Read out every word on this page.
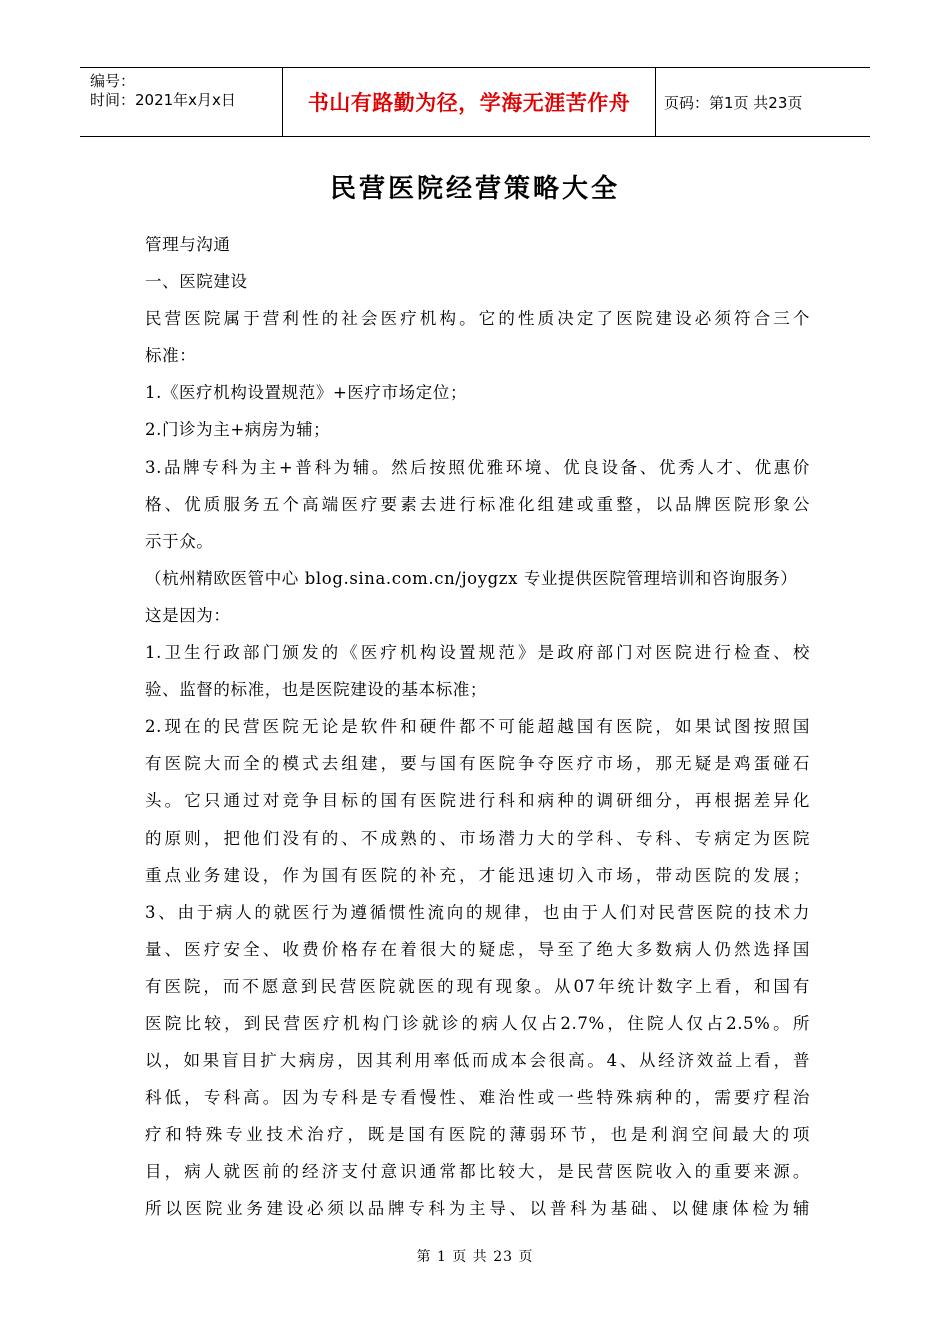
编号：
时间：2021年x月x日	书山有路勤为径，学海无涯苦作舟	页码：第1页 共23页
民营医院经营策略大全
管理与沟通
一、医院建设
民营医院属于营利性的社会医疗机构。它的性质决定了医院建设必须符合三个
标准：
1.《医疗机构设置规范》+医疗市场定位；
2.门诊为主+病房为辅；
3.品牌专科为主+普科为辅。然后按照优雅环境、优良设备、优秀人才、优惠价
格、优质服务五个高端医疗要素去进行标准化组建或重整，以品牌医院形象公
示于众。
（杭州精欧医管中心 blog.sina.com.cn/joygzx 专业提供医院管理培训和咨询服务）
这是因为：
1.卫生行政部门颁发的《医疗机构设置规范》是政府部门对医院进行检查、校
验、监督的标准，也是医院建设的基本标准；
2.现在的民营医院无论是软件和硬件都不可能超越国有医院，如果试图按照国
有医院大而全的模式去组建，要与国有医院争夺医疗市场，那无疑是鸡蛋碰石
头。它只通过对竞争目标的国有医院进行科和病种的调研细分，再根据差异化
的原则，把他们没有的、不成熟的、市场潜力大的学科、专科、专病定为医院
重点业务建设，作为国有医院的补充，才能迅速切入市场，带动医院的发展；
3、由于病人的就医行为遵循惯性流向的规律，也由于人们对民营医院的技术力
量、医疗安全、收费价格存在着很大的疑虑，导至了绝大多数病人仍然选择国
有医院，而不愿意到民营医院就医的现有现象。从07年统计数字上看，和国有
医院比较，到民营医疗机构门诊就诊的病人仅占2.7%，住院人仅占2.5%。所
以，如果盲目扩大病房，因其利用率低而成本会很高。4、从经济效益上看，普
科低，专科高。因为专科是专看慢性、难治性或一些特殊病种的，需要疗程治
疗和特殊专业技术治疗，既是国有医院的薄弱环节，也是利润空间最大的项
目，病人就医前的经济支付意识通常都比较大，是民营医院收入的重要来源。
所以医院业务建设必须以品牌专科为主导、以普科为基础、以健康体检为辅
第 1 页 共 23 页
